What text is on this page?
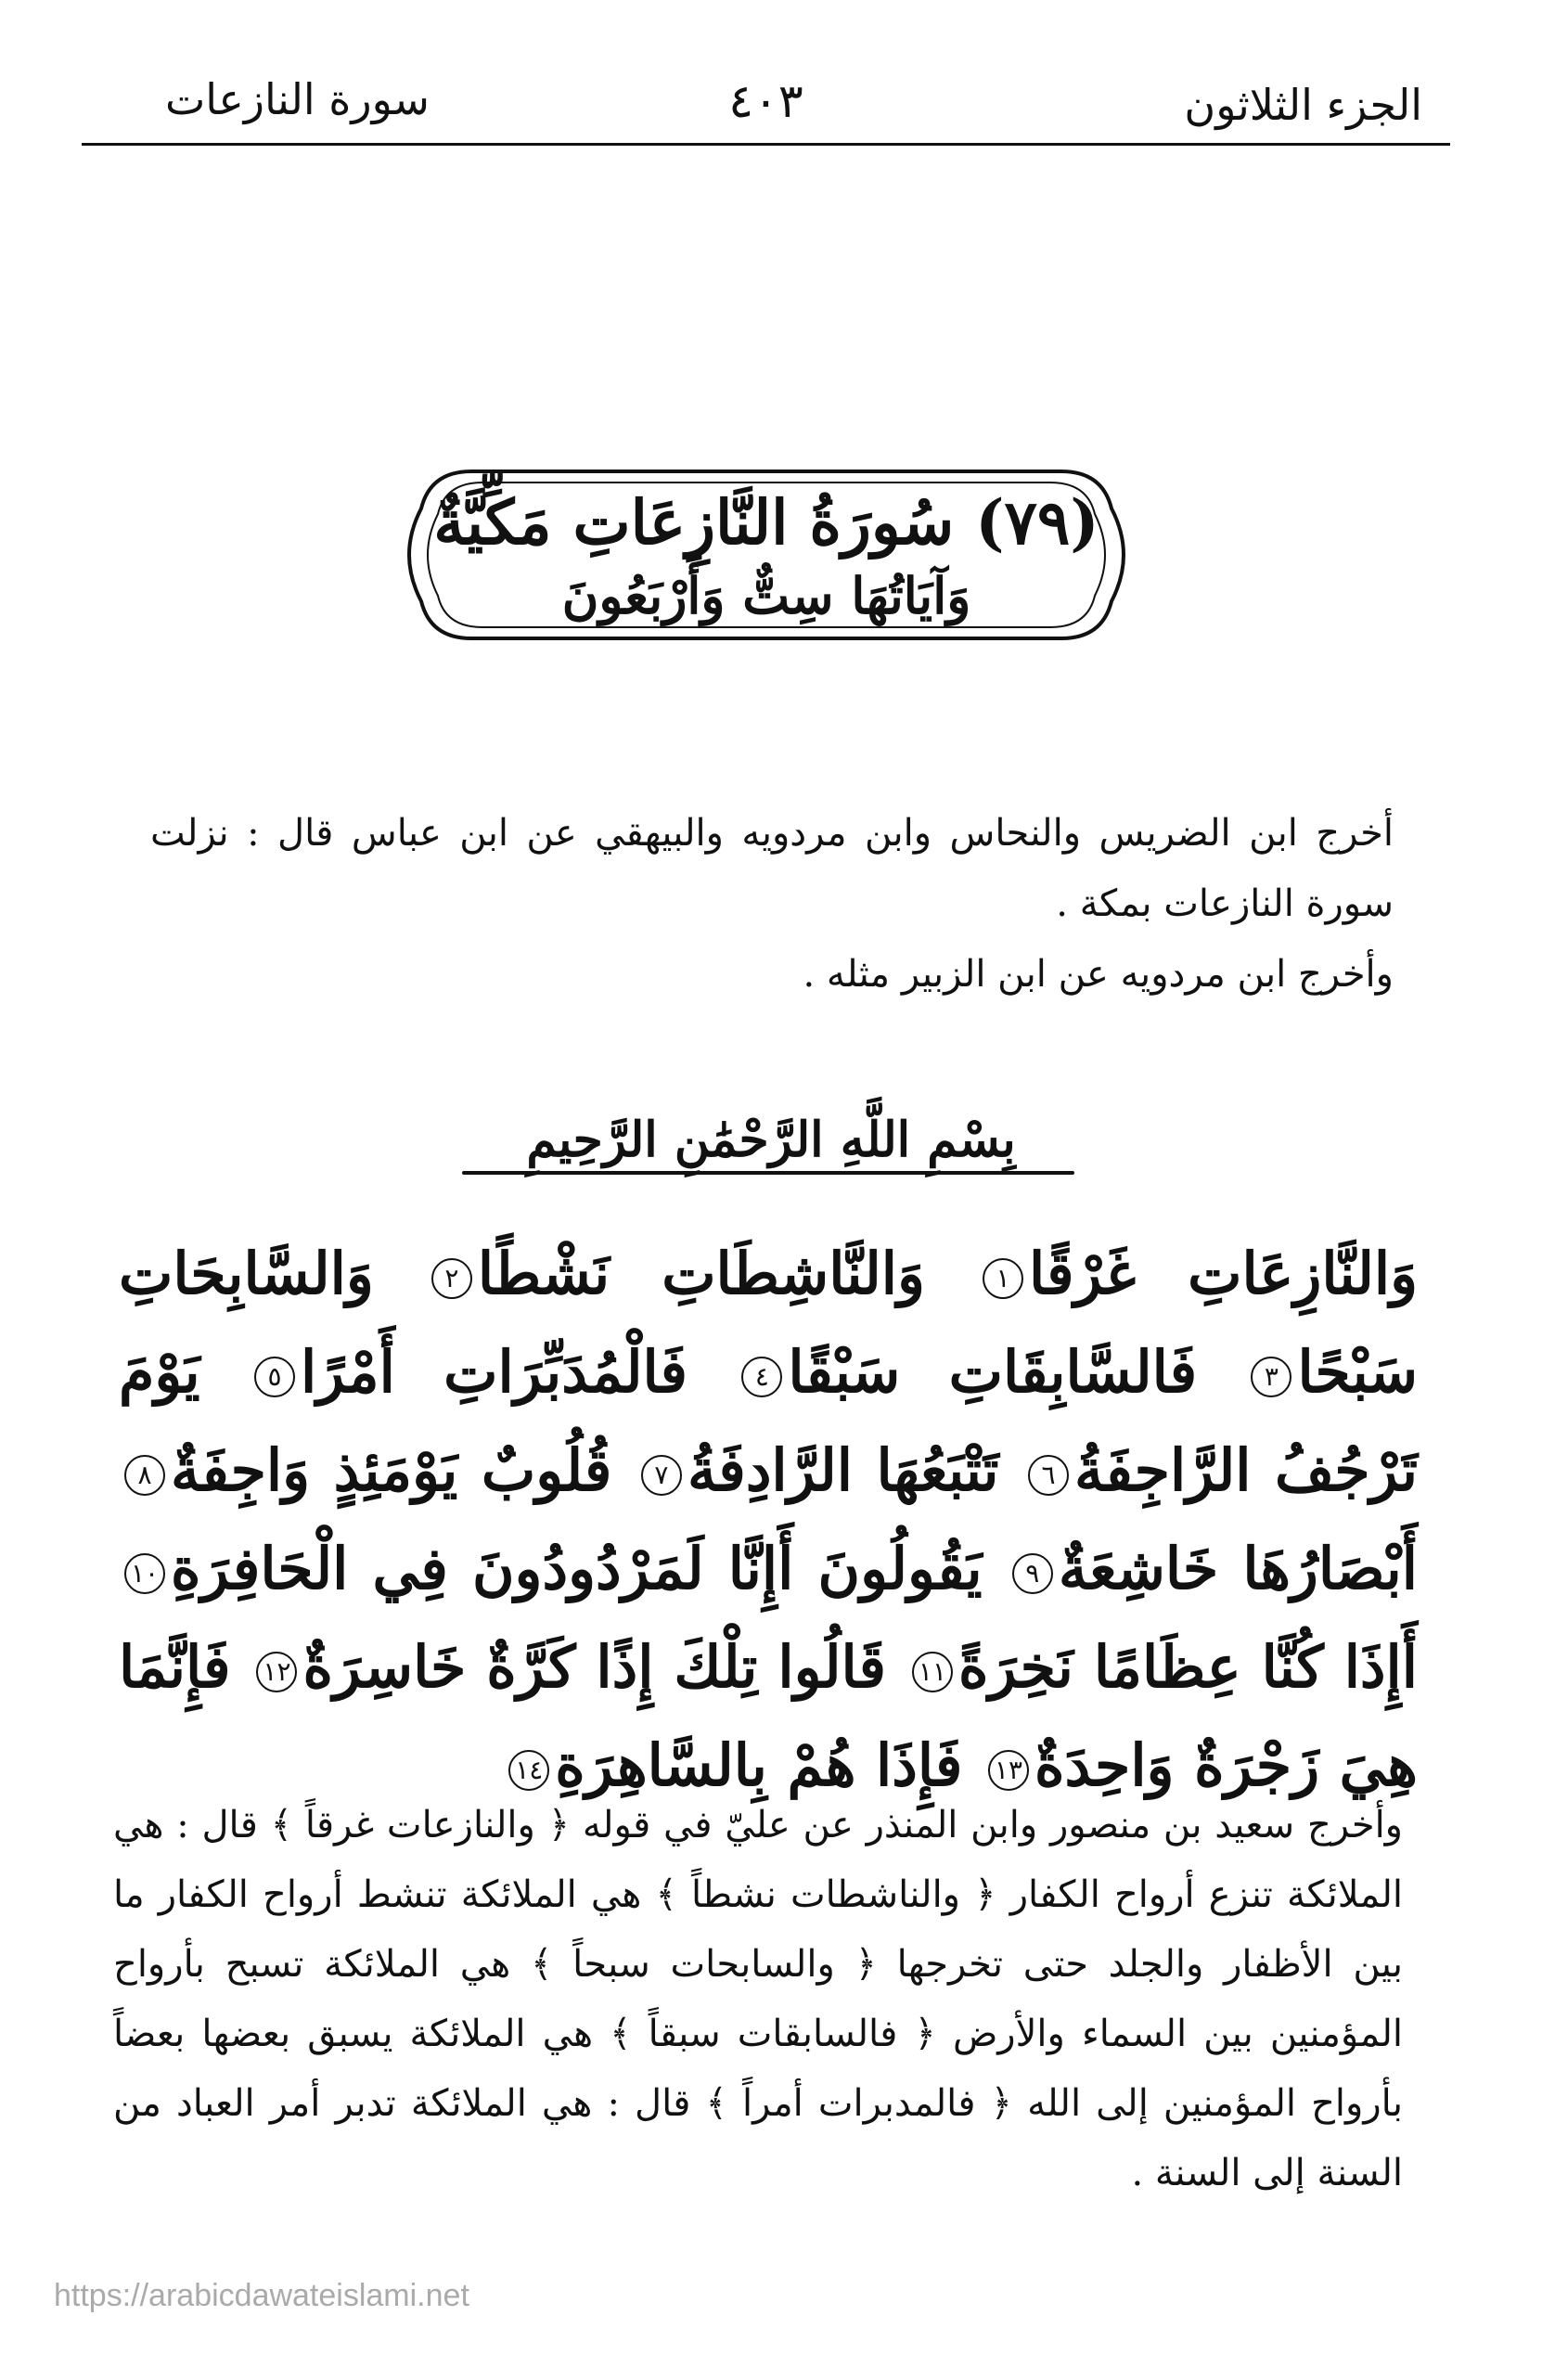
سورة النازعات	٤٠٣	الجزء الثلاثون
(٧٩) سُورَةُ النَّازِعَاتِ مَكِّيَّةٌ
وَآيَاتُهَا سِتٌّ وَأَرْبَعُونَ
أخرج ابن الضريس والنحاس وابن مردويه والبيهقي عن ابن عباس قال : نزلت سورة النازعات بمكة .
وأخرج ابن مردويه عن ابن الزبير مثله .
بِسْمِ اللَّهِ الرَّحْمَٰنِ الرَّحِيمِ
وَالنَّازِعَاتِ غَرْقًا١ وَالنَّاشِطَاتِ نَشْطًا٢ وَالسَّابِحَاتِ سَبْحًا٣ فَالسَّابِقَاتِ سَبْقًا٤ فَالْمُدَبِّرَاتِ أَمْرًا٥ يَوْمَ تَرْجُفُ الرَّاجِفَةُ٦ تَتْبَعُهَا الرَّادِفَةُ٧ قُلُوبٌ يَوْمَئِذٍ وَاجِفَةٌ٨ أَبْصَارُهَا خَاشِعَةٌ٩ يَقُولُونَ أَإِنَّا لَمَرْدُودُونَ فِي الْحَافِرَةِ١٠ أَإِذَا كُنَّا عِظَامًا نَخِرَةً١١ قَالُوا تِلْكَ إِذًا كَرَّةٌ خَاسِرَةٌ١٢ فَإِنَّمَا هِيَ زَجْرَةٌ وَاحِدَةٌ١٣ فَإِذَا هُمْ بِالسَّاهِرَةِ١٤
وأخرج سعيد بن منصور وابن المنذر عن عليّ في قوله ﴿ والنازعات غرقاً ﴾ قال : هي الملائكة تنزع أرواح الكفار ﴿ والناشطات نشطاً ﴾ هي الملائكة تنشط أرواح الكفار ما بين الأظفار والجلد حتى تخرجها ﴿ والسابحات سبحاً ﴾ هي الملائكة تسبح بأرواح المؤمنين بين السماء والأرض ﴿ فالسابقات سبقاً ﴾ هي الملائكة يسبق بعضها بعضاً بأرواح المؤمنين إلى الله ﴿ فالمدبرات أمراً ﴾ قال : هي الملائكة تدبر أمر العباد من السنة إلى السنة .
https://arabicdawateislami.net
